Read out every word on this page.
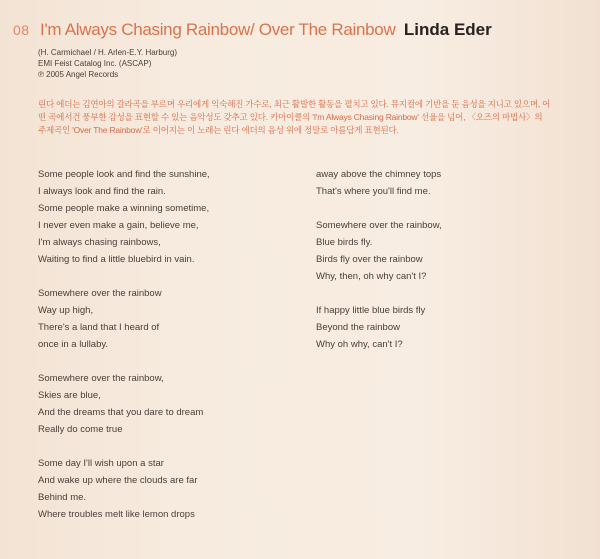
08 I'm Always Chasing Rainbow/ Over The Rainbow Linda Eder
(H. Carmichael / H. Arlen-E.Y. Harburg)
EMI Feist Catalog Inc. (ASCAP)
℗ 2005 Angel Records
린다 에더는 김연아의 갈라곡을 부르며 우리에게 익숙해진 가수로, 최근 활발한 활동을 펼치고 있다. 뮤지컬에 기반을 둔 음성을 지니고 있으며, 어
떤 곡에서건 풍부한 감성을 표현할 수 있는 음악성도 갖추고 있다. 카마이클의 'I'm Always Chasing Rainbow' 선율을 넘어, 〈오즈의 마법사〉의
주제곡인 'Over The Rainbow'로 이어지는 이 노래는 린다 에더의 음성 위에 정말로 아름답게 표현된다.
Some people look and find the sunshine,
I always look and find the rain.
Some people make a winning sometime,
I never even make a gain, believe me,
I'm always chasing rainbows,
Waiting to find a little bluebird in vain.
Somewhere over the rainbow
Way up high,
There's a land that I heard of
once in a lullaby.
Somewhere over the rainbow,
Skies are blue,
And the dreams that you dare to dream
Really do come true
Some day I'll wish upon a star
And wake up where the clouds are far
Behind me.
Where troubles melt like lemon drops
away above the chimney tops
That's where you'll find me.
Somewhere over the rainbow,
Blue birds fly.
Birds fly over the rainbow
Why, then, oh why can't I?
If happy little blue birds fly
Beyond the rainbow
Why oh why, can't I?
